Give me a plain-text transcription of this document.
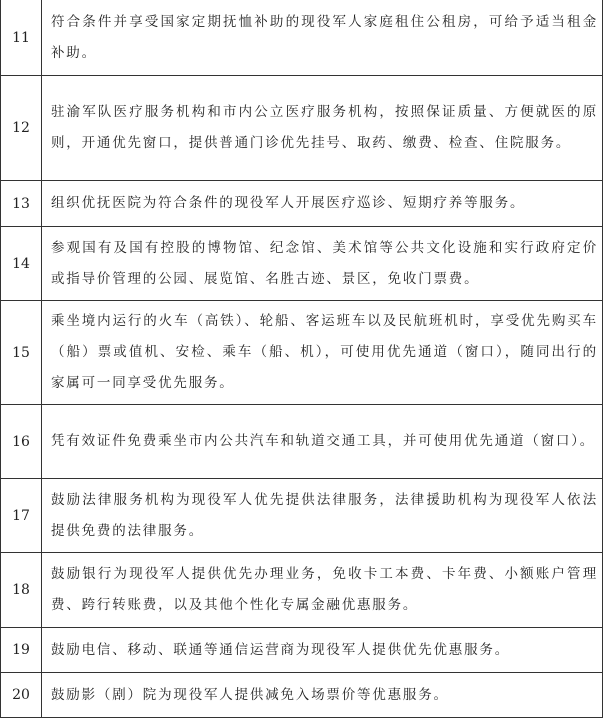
11	符合条件并享受国家定期抚恤补助的现役军人家庭租住公租房，可给予适当租金补助。
12	驻渝军队医疗服务机构和市内公立医疗服务机构，按照保证质量、方便就医的原则，开通优先窗口，提供普通门诊优先挂号、取药、缴费、检查、住院服务。
13	组织优抚医院为符合条件的现役军人开展医疗巡诊、短期疗养等服务。
14	参观国有及国有控股的博物馆、纪念馆、美术馆等公共文化设施和实行政府定价或指导价管理的公园、展览馆、名胜古迹、景区，免收门票费。
15	乘坐境内运行的火车（高铁）、轮船、客运班车以及民航班机时，享受优先购买车（船）票或值机、安检、乘车（船、机），可使用优先通道（窗口），随同出行的家属可一同享受优先服务。
16	凭有效证件免费乘坐市内公共汽车和轨道交通工具，并可使用优先通道（窗口）。
17	鼓励法律服务机构为现役军人优先提供法律服务，法律援助机构为现役军人依法提供免费的法律服务。
18	鼓励银行为现役军人提供优先办理业务，免收卡工本费、卡年费、小额账户管理费、跨行转账费，以及其他个性化专属金融优惠服务。
19	鼓励电信、移动、联通等通信运营商为现役军人提供优先优惠服务。
20	鼓励影（剧）院为现役军人提供减免入场票价等优惠服务。
